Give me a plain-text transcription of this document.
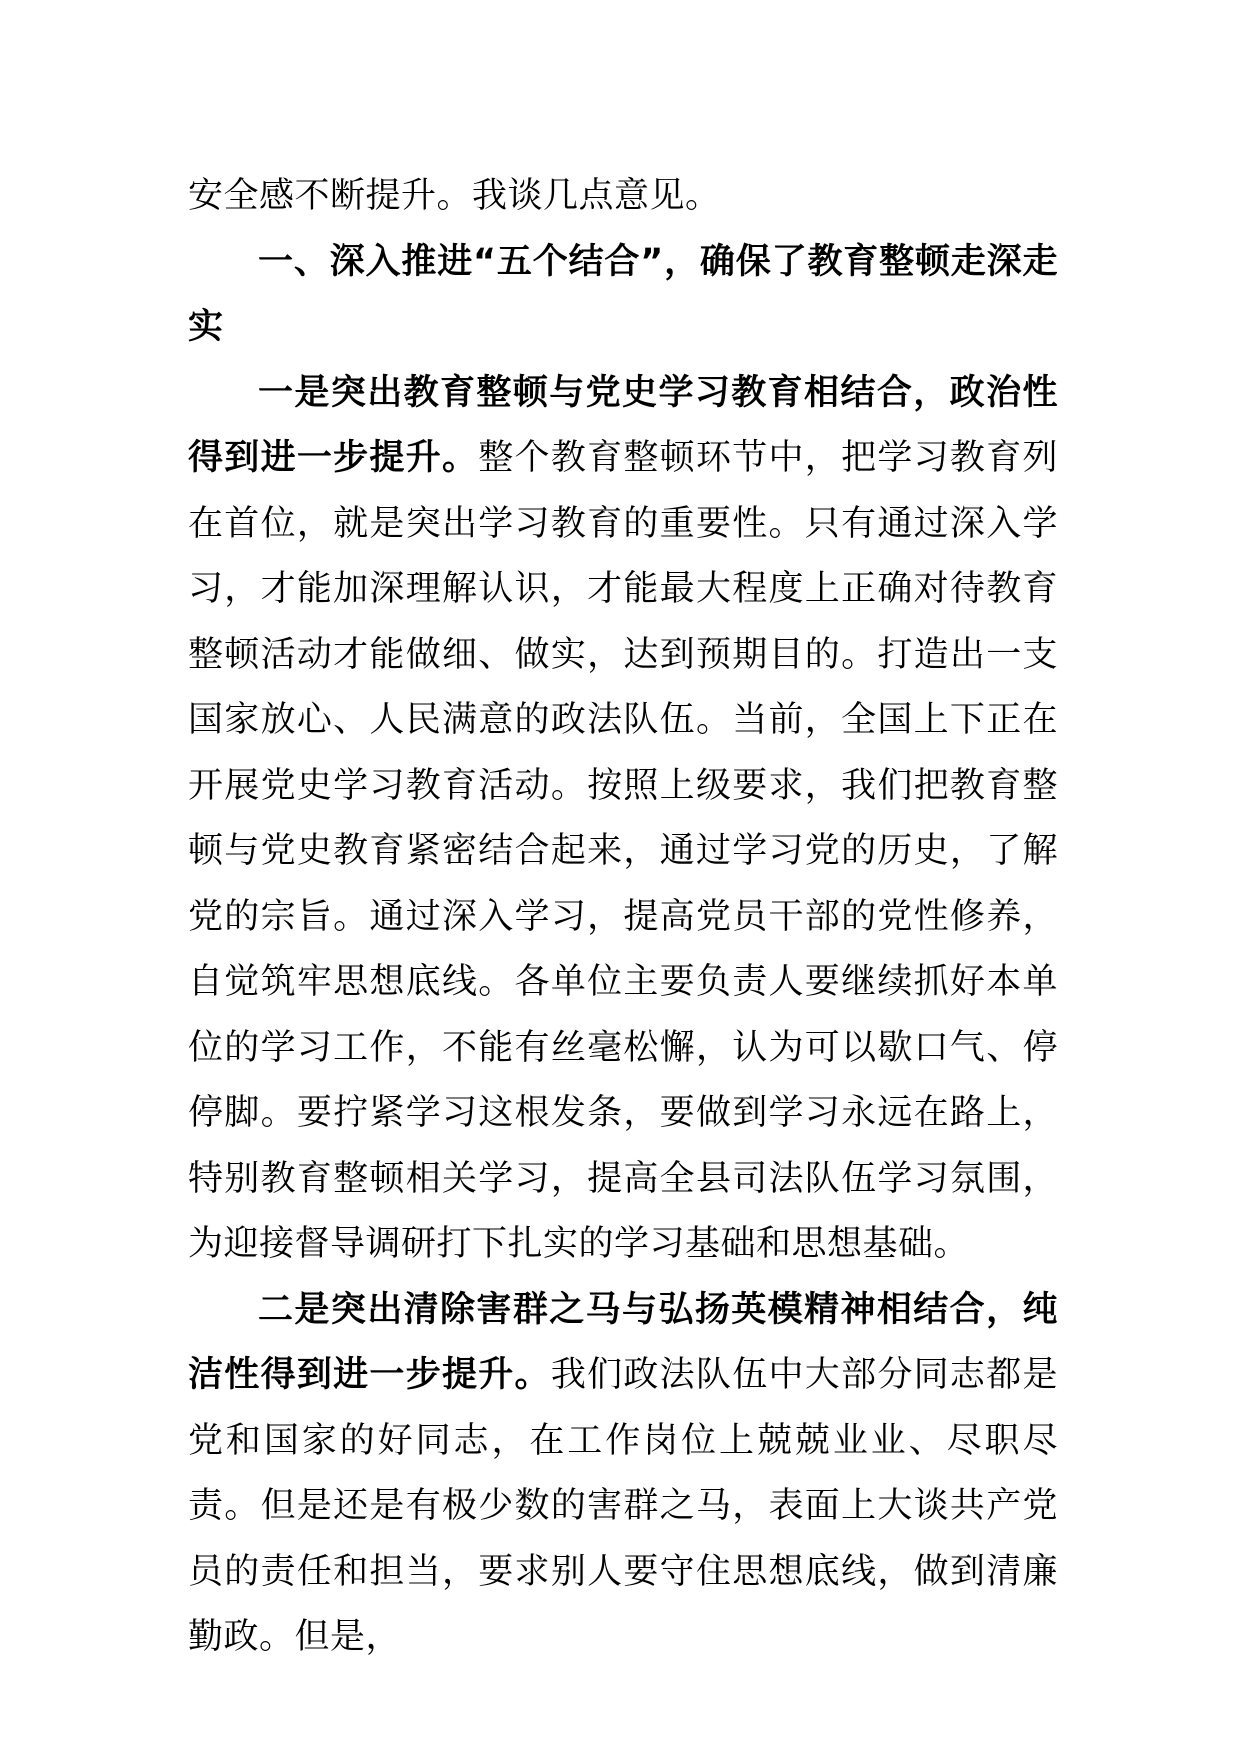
安全感不断提升。我谈几点意见。

一、深入推进“五个结合”，确保了教育整顿走深走实

一是突出教育整顿与党史学习教育相结合，政治性得到进一步提升。整个教育整顿环节中，把学习教育列在首位，就是突出学习教育的重要性。只有通过深入学习，才能加深理解认识，才能最大程度上正确对待教育整顿活动才能做细、做实，达到预期目的。打造出一支国家放心、人民满意的政法队伍。当前，全国上下正在开展党史学习教育活动。按照上级要求，我们把教育整顿与党史教育紧密结合起来，通过学习党的历史，了解党的宗旨。通过深入学习，提高党员干部的党性修养，自觉筑牢思想底线。各单位主要负责人要继续抓好本单位的学习工作，不能有丝毫松懈，认为可以歇口气、停停脚。要拧紧学习这根发条，要做到学习永远在路上，特别教育整顿相关学习，提高全县司法队伍学习氛围，为迎接督导调研打下扎实的学习基础和思想基础。

二是突出清除害群之马与弘扬英模精神相结合，纯洁性得到进一步提升。我们政法队伍中大部分同志都是党和国家的好同志，在工作岗位上兢兢业业、尽职尽责。但是还是有极少数的害群之马，表面上大谈共产党员的责任和担当，要求别人要守住思想底线，做到清廉勤政。但是，
